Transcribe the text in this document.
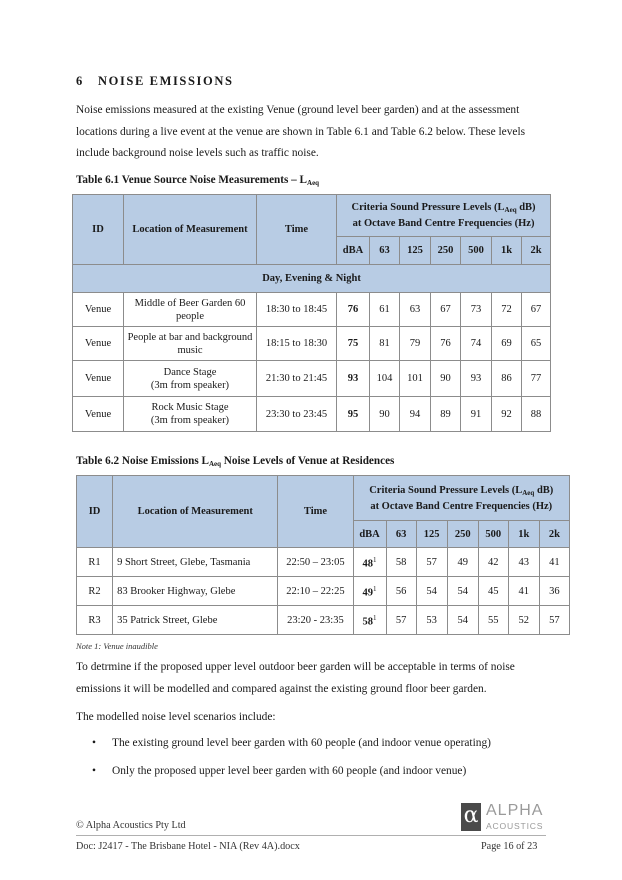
6 NOISE EMISSIONS
Noise emissions measured at the existing Venue (ground level beer garden) and at the assessment
locations during a live event at the venue are shown in Table 6.1 and Table 6.2 below. These levels
include background noise levels such as traffic noise.
Table 6.1 Venue Source Noise Measurements – $L_{Aeq}$
ID	Location of Measurement	Time	Criteria Sound Pressure Levels ($L_{Aeq}$ dB)
at Octave Band Centre Frequencies (Hz)						
			dBA	63	125	250	500	1k	2k
Day, Evening & Night									
Venue	Middle of Beer Garden 60 people	18:30 to 18:45	76	61	63	67	73	72	67
Venue	People at bar and background music	18:15 to 18:30	75	81	79	76	74	69	65
Venue	Dance Stage
(3m from speaker)	21:30 to 21:45	93	104	101	90	93	86	77
Venue	Rock Music Stage
(3m from speaker)	23:30 to 23:45	95	90	94	89	91	92	88
Table 6.2 Noise Emissions $L_{Aeq}$ Noise Levels of Venue at Residences
ID	Location of Measurement	Time	Criteria Sound Pressure Levels ($L_{Aeq}$ dB)
at Octave Band Centre Frequencies (Hz)						
			dBA	63	125	250	500	1k	2k
R1	9 Short Street, Glebe, Tasmania	22:50 – 23:05	$48^1$	58	57	49	42	43	41
R2	83 Brooker Highway, Glebe	22:10 – 22:25	$49^1$	56	54	54	45	41	36
R3	35 Patrick Street, Glebe	23:20 - 23:35	$58^1$	57	53	54	55	52	57
Note 1: Venue inaudible
To detrmine if the proposed upper level outdoor beer garden will be acceptable in terms of noise
emissions it will be modelled and compared against the existing ground floor beer garden.
The modelled noise level scenarios include:
• The existing ground level beer garden with 60 people (and indoor venue operating)
• Only the proposed upper level beer garden with 60 people (and indoor venue)
α ALPHA
ACOUSTICS
© Alpha Acoustics Pty Ltd
Doc: J2417 - The Brisbane Hotel - NIA (Rev 4A).docx	Page 16 of 23
